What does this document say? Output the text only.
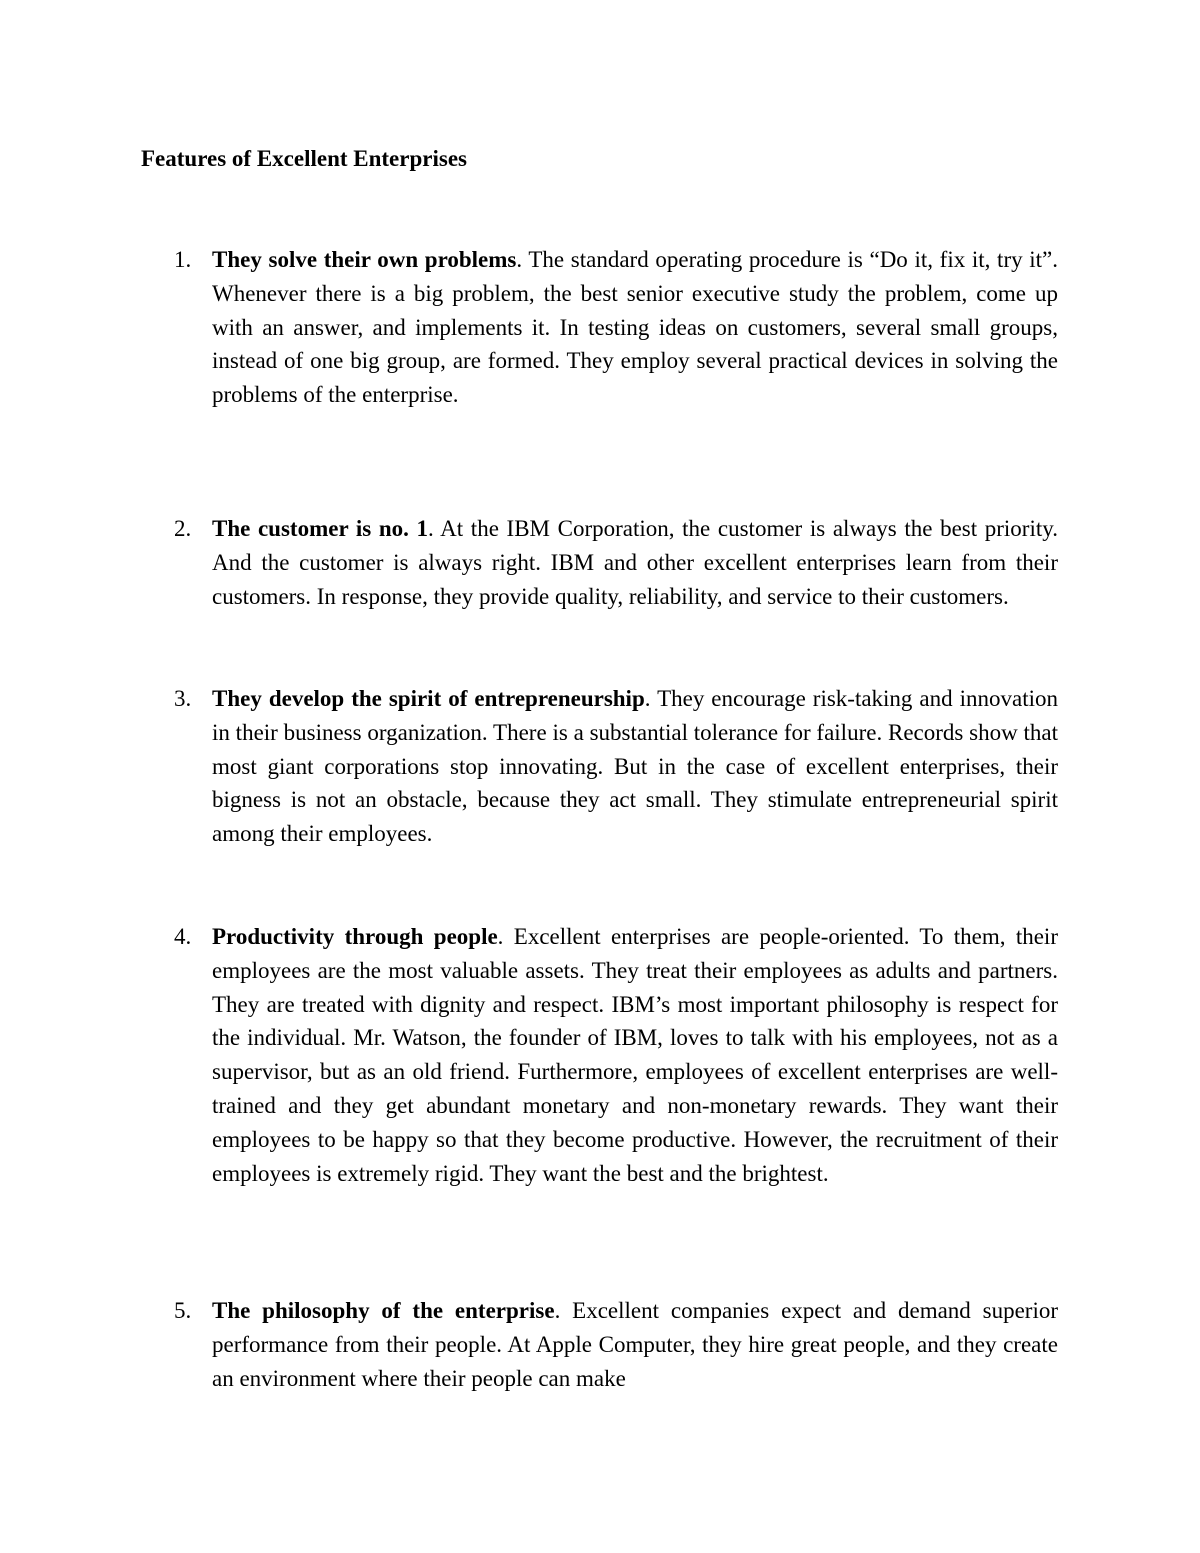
Features of Excellent Enterprises
1. They solve their own problems. The standard operating procedure is “Do it, fix it, try it”. Whenever there is a big problem, the best senior executive study the problem, come up with an answer, and implements it. In testing ideas on customers, several small groups, instead of one big group, are formed. They employ several practical devices in solving the problems of the enterprise.
2. The customer is no. 1. At the IBM Corporation, the customer is always the best priority. And the customer is always right. IBM and other excellent enterprises learn from their customers. In response, they provide quality, reliability, and service to their customers.
3. They develop the spirit of entrepreneurship. They encourage risk-taking and innovation in their business organization. There is a substantial tolerance for failure. Records show that most giant corporations stop innovating. But in the case of excellent enterprises, their bigness is not an obstacle, because they act small. They stimulate entrepreneurial spirit among their employees.
4. Productivity through people. Excellent enterprises are people-oriented. To them, their employees are the most valuable assets. They treat their employees as adults and partners. They are treated with dignity and respect. IBM’s most important philosophy is respect for the individual. Mr. Watson, the founder of IBM, loves to talk with his employees, not as a supervisor, but as an old friend. Furthermore, employees of excellent enterprises are well-trained and they get abundant monetary and non-monetary rewards. They want their employees to be happy so that they become productive. However, the recruitment of their employees is extremely rigid. They want the best and the brightest.
5. The philosophy of the enterprise. Excellent companies expect and demand superior performance from their people. At Apple Computer, they hire great people, and they create an environment where their people can make
